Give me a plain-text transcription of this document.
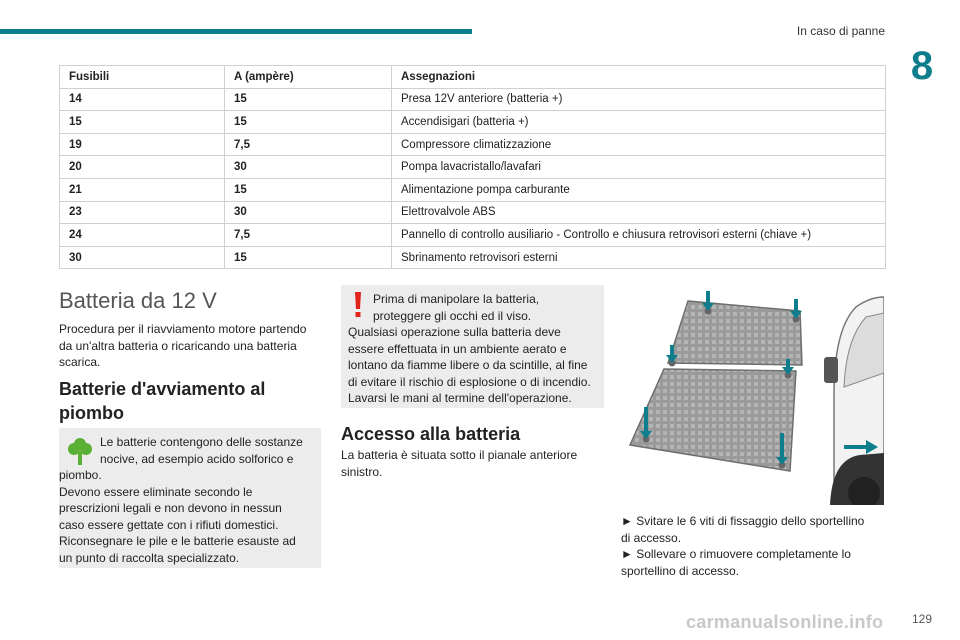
In caso di panne
8
Fusibili	A (ampère)	Assegnazioni
14	15	Presa 12V anteriore (batteria +)
15	15	Accendisigari (batteria +)
19	7,5	Compressore climatizzazione
20	30	Pompa lavacristallo/lavafari
21	15	Alimentazione pompa carburante
23	30	Elettrovalvole ABS
24	7,5	Pannello di controllo ausiliario - Controllo e chiusura retrovisori esterni (chiave +)
30	15	Sbrinamento retrovisori esterni
Batteria da 12 V
Procedura per il riavviamento motore partendo
da un'altra batteria o ricaricando una batteria
scarica.
Batterie d'avviamento al
piombo
Le batterie contengono delle sostanze
nocive, ad esempio acido solforico e
piombo.
Devono essere eliminate secondo le
prescrizioni legali e non devono in nessun
caso essere gettate con i rifiuti domestici.
Riconsegnare le pile e le batterie esauste ad
un punto di raccolta specializzato.
Prima di manipolare la batteria,
proteggere gli occhi ed il viso.
Qualsiasi operazione sulla batteria deve
essere effettuata in un ambiente aerato e
lontano da fiamme libere o da scintille, al fine
di evitare il rischio di esplosione o di incendio.
Lavarsi le mani al termine dell'operazione.
Accesso alla batteria
La batteria è situata sotto il pianale anteriore
sinistro.
► Svitare le 6 viti di fissaggio dello sportellino
di accesso.
► Sollevare o rimuovere completamente lo
sportellino di accesso.
carmanualsonline.info 129
